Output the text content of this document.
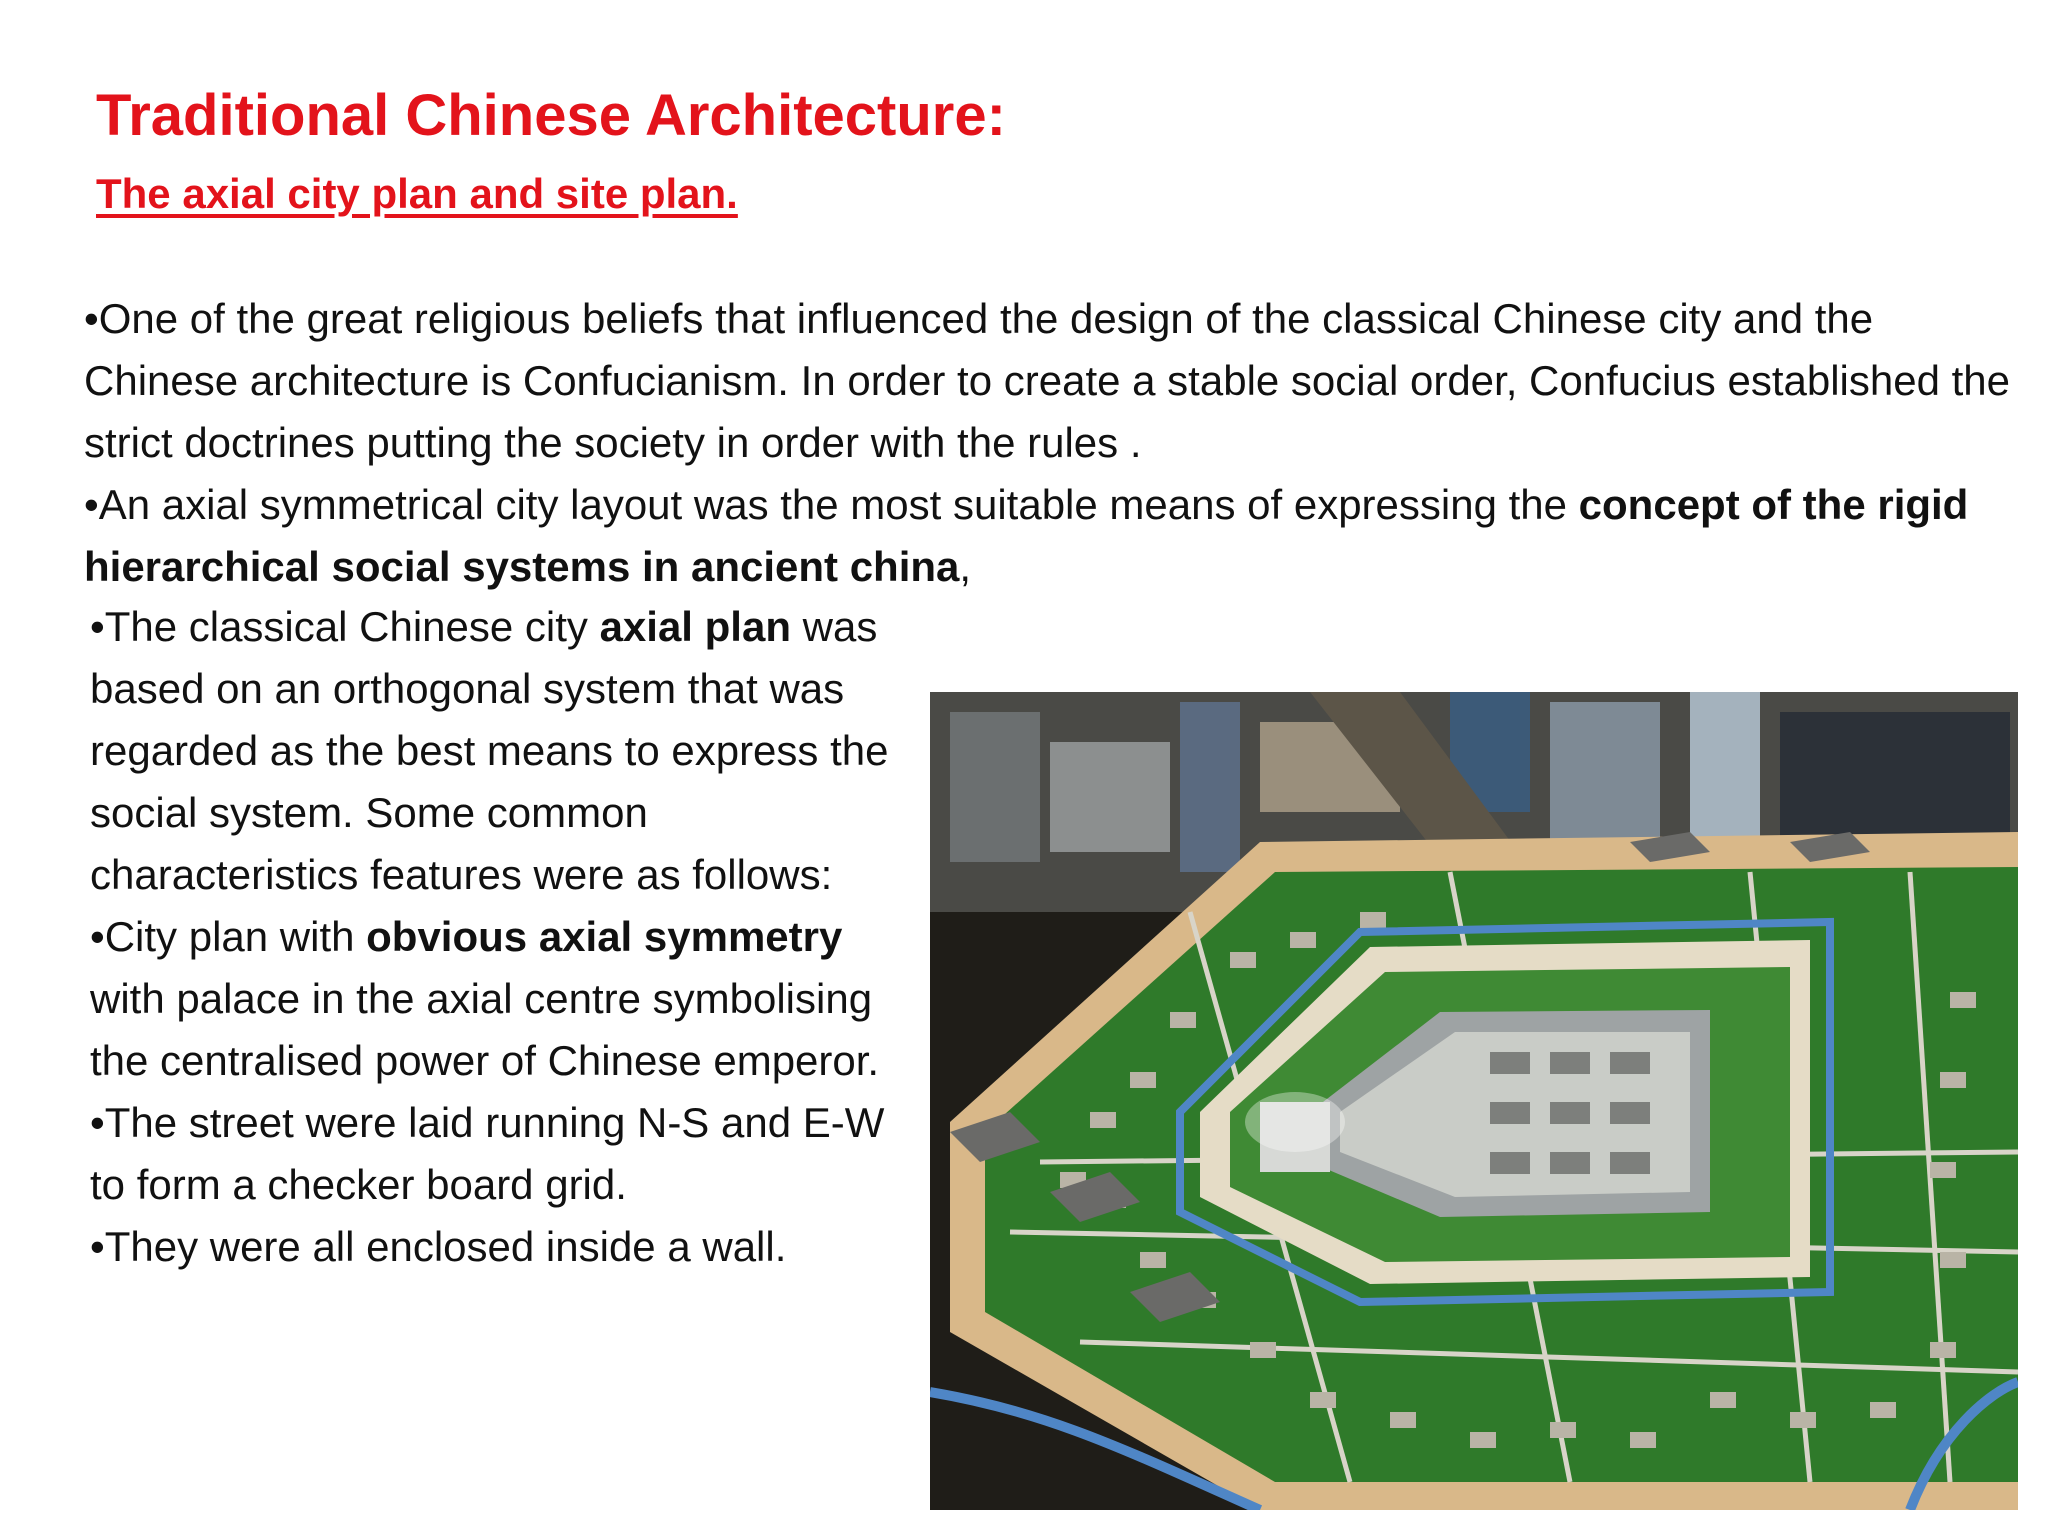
Traditional Chinese Architecture:
The axial city plan and site plan.

•One of the great religious beliefs that influenced the design of the classical Chinese city and the Chinese architecture is Confucianism. In order to create a stable social order, Confucius established the strict doctrines putting the society in order with the rules .

•An axial symmetrical city layout was the most suitable means of expressing the concept of the rigid hierarchical social systems in ancient china,

•The classical Chinese city axial plan was based on an orthogonal system that was regarded as the best means to express the social system. Some common characteristics features were as follows:

•City plan with obvious axial symmetry with palace in the axial centre symbolising the centralised power of Chinese emperor.

•The street were laid running N-S and E-W to form a checker board grid.

•They were all enclosed inside a wall.
